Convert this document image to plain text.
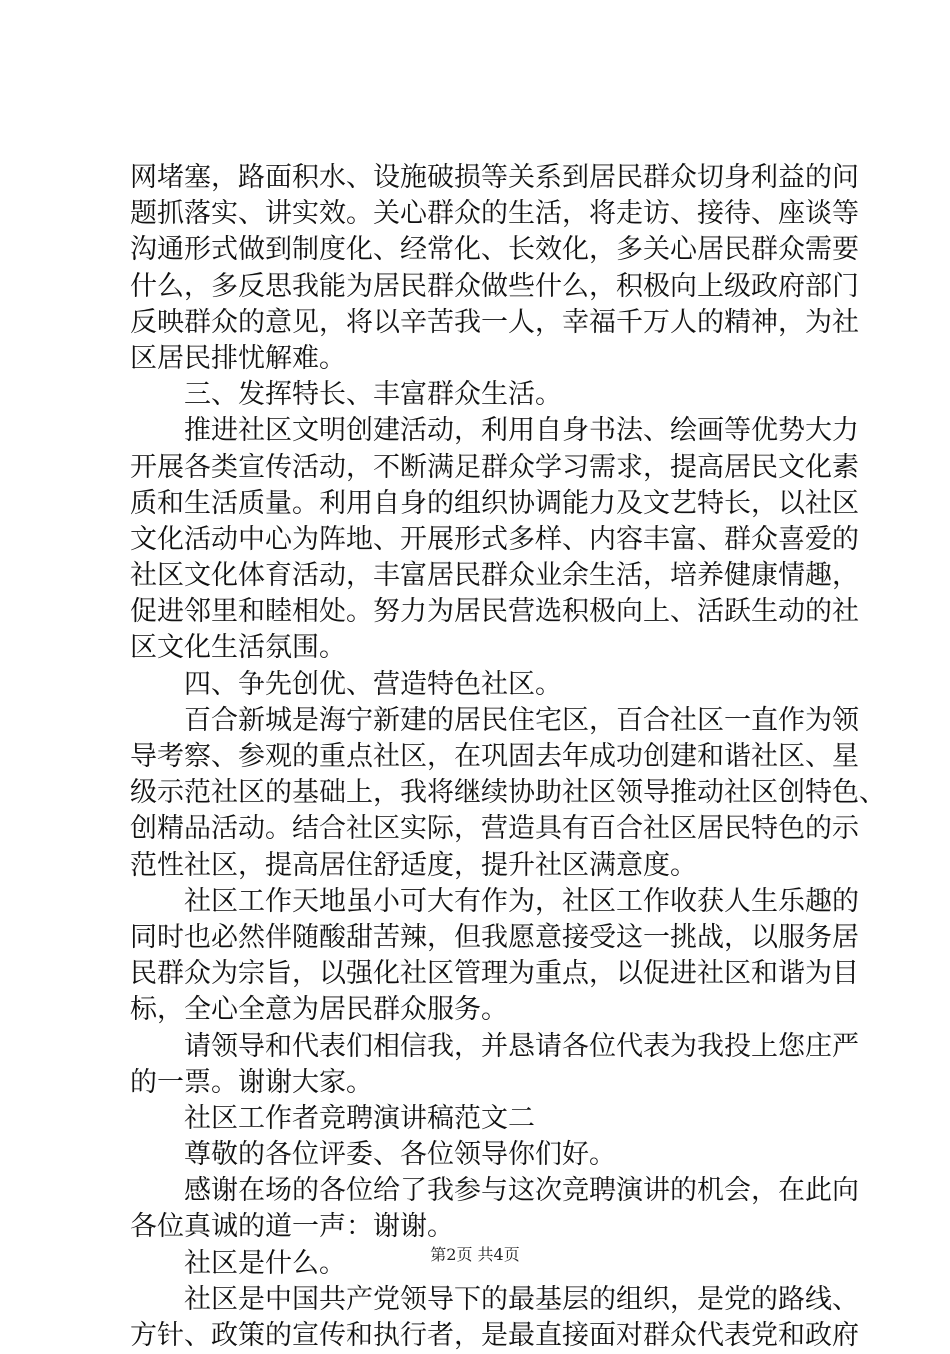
网堵塞，路面积水、设施破损等关系到居民群众切身利益的问
题抓落实、讲实效。关心群众的生活，将走访、接待、座谈等
沟通形式做到制度化、经常化、长效化，多关心居民群众需要
什么，多反思我能为居民群众做些什么，积极向上级政府部门
反映群众的意见，将以辛苦我一人，幸福千万人的精神，为社
区居民排忧解难。
三、发挥特长、丰富群众生活。
推进社区文明创建活动，利用自身书法、绘画等优势大力
开展各类宣传活动，不断满足群众学习需求，提高居民文化素
质和生活质量。利用自身的组织协调能力及文艺特长，以社区
文化活动中心为阵地、开展形式多样、内容丰富、群众喜爱的
社区文化体育活动，丰富居民群众业余生活，培养健康情趣，
促进邻里和睦相处。努力为居民营选积极向上、活跃生动的社
区文化生活氛围。
四、争先创优、营造特色社区。
百合新城是海宁新建的居民住宅区，百合社区一直作为领
导考察、参观的重点社区，在巩固去年成功创建和谐社区、星
级示范社区的基础上，我将继续协助社区领导推动社区创特色、
创精品活动。结合社区实际，营造具有百合社区居民特色的示
范性社区，提高居住舒适度，提升社区满意度。
社区工作天地虽小可大有作为，社区工作收获人生乐趣的
同时也必然伴随酸甜苦辣，但我愿意接受这一挑战，以服务居
民群众为宗旨，以强化社区管理为重点，以促进社区和谐为目
标，全心全意为居民群众服务。
请领导和代表们相信我，并恳请各位代表为我投上您庄严
的一票。谢谢大家。
社区工作者竞聘演讲稿范文二
尊敬的各位评委、各位领导你们好。
感谢在场的各位给了我参与这次竞聘演讲的机会，在此向
各位真诚的道一声：谢谢。
社区是什么。
社区是中国共产党领导下的最基层的组织，是党的路线、
方针、政策的宣传和执行者，是最直接面对群众代表党和政府
第2页 共4页
